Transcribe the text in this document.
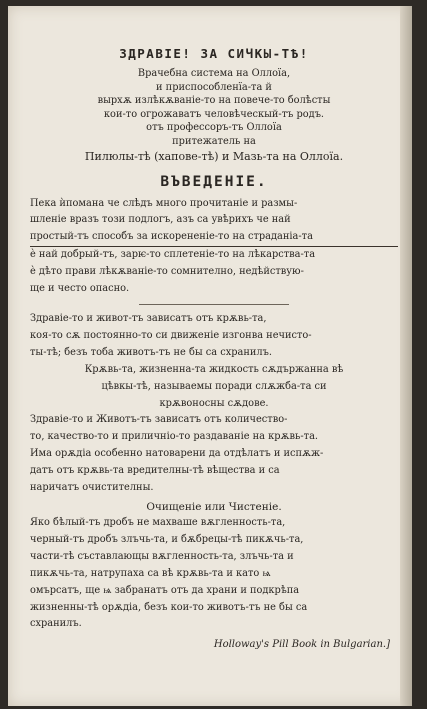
ЗДРАВІЕ! ЗА СИЧКЫ-ТѢ!
Врачебна система на Оллоїа,
и приспособленїа-та й
вырхѫ излѣкѫваніе-то на повече-то болѣсты
кои-то огрожаватъ человѣческый-тъ родъ.
отъ профессоръ-тъ Оллоїа
притежатель на
Пилюлы-тѣ (хапове-тѣ) и Мазь-та на Оллоїа.
ВЪВЕДЕНІЕ.
Пека ѝпомана че слѣдъ много прочитаніе и размы-
шленіе вразъ този подлогъ, азъ са увѣрихъ че най
простый-тъ способъ за искорененіе-то на страданіа-та
ѐ най добрый-тъ, зарѥ-то сплетеніе-то на лѣкарства-та
ѐ дѣто прави лѣкѫваніе-то сомнително, недѣйствую-
ще и често опасно.
Здравіе-то и живот-тъ зависатъ отъ крѫвь-та,
коя-то сѫ постоянно-то си движеніе изгонва нечисто-
ты-тѣ; безъ тоба животъ-тъ не бы са схранилъ.
Крѫвь-та, жизненна-та жидкость сѫдържанна вѣ
цѣвкы-тѣ, называемы поради слѫжба-та си
крѫвоносны сѫдове.
Здравіе-то и Животъ-тъ зависатъ отъ количество-
то, качество-то и приличніо-то раздаваніе на крѫвь-та.
Има орѫдіа особенно натоварени да отдѣлатъ и испѫж-
датъ отъ крѫвь-та вредителны-тѣ вѣщества и са
наричатъ очистителны.
Очищеніе или Чистеніе.
Яко бѣлый-тъ дробъ не махваше вѫгленность-та,
черный-тъ дробъ злъчь-та, и бѫбрецы-тѣ пикѫчь-та,
части-тѣ съставлающы вѫгленность-та, злъчь-та и
пикѫчь-та, натрупаха са вѣ крѫвь-та и като ѩ
омърсатъ, ще ѩ забранатъ отъ да храни и подкрѣпа
жизненны-тѣ орѫдіа, безъ кои-то животъ-тъ не бы са
схранилъ.
Holloway's Pill Book in Bulgarian.]
